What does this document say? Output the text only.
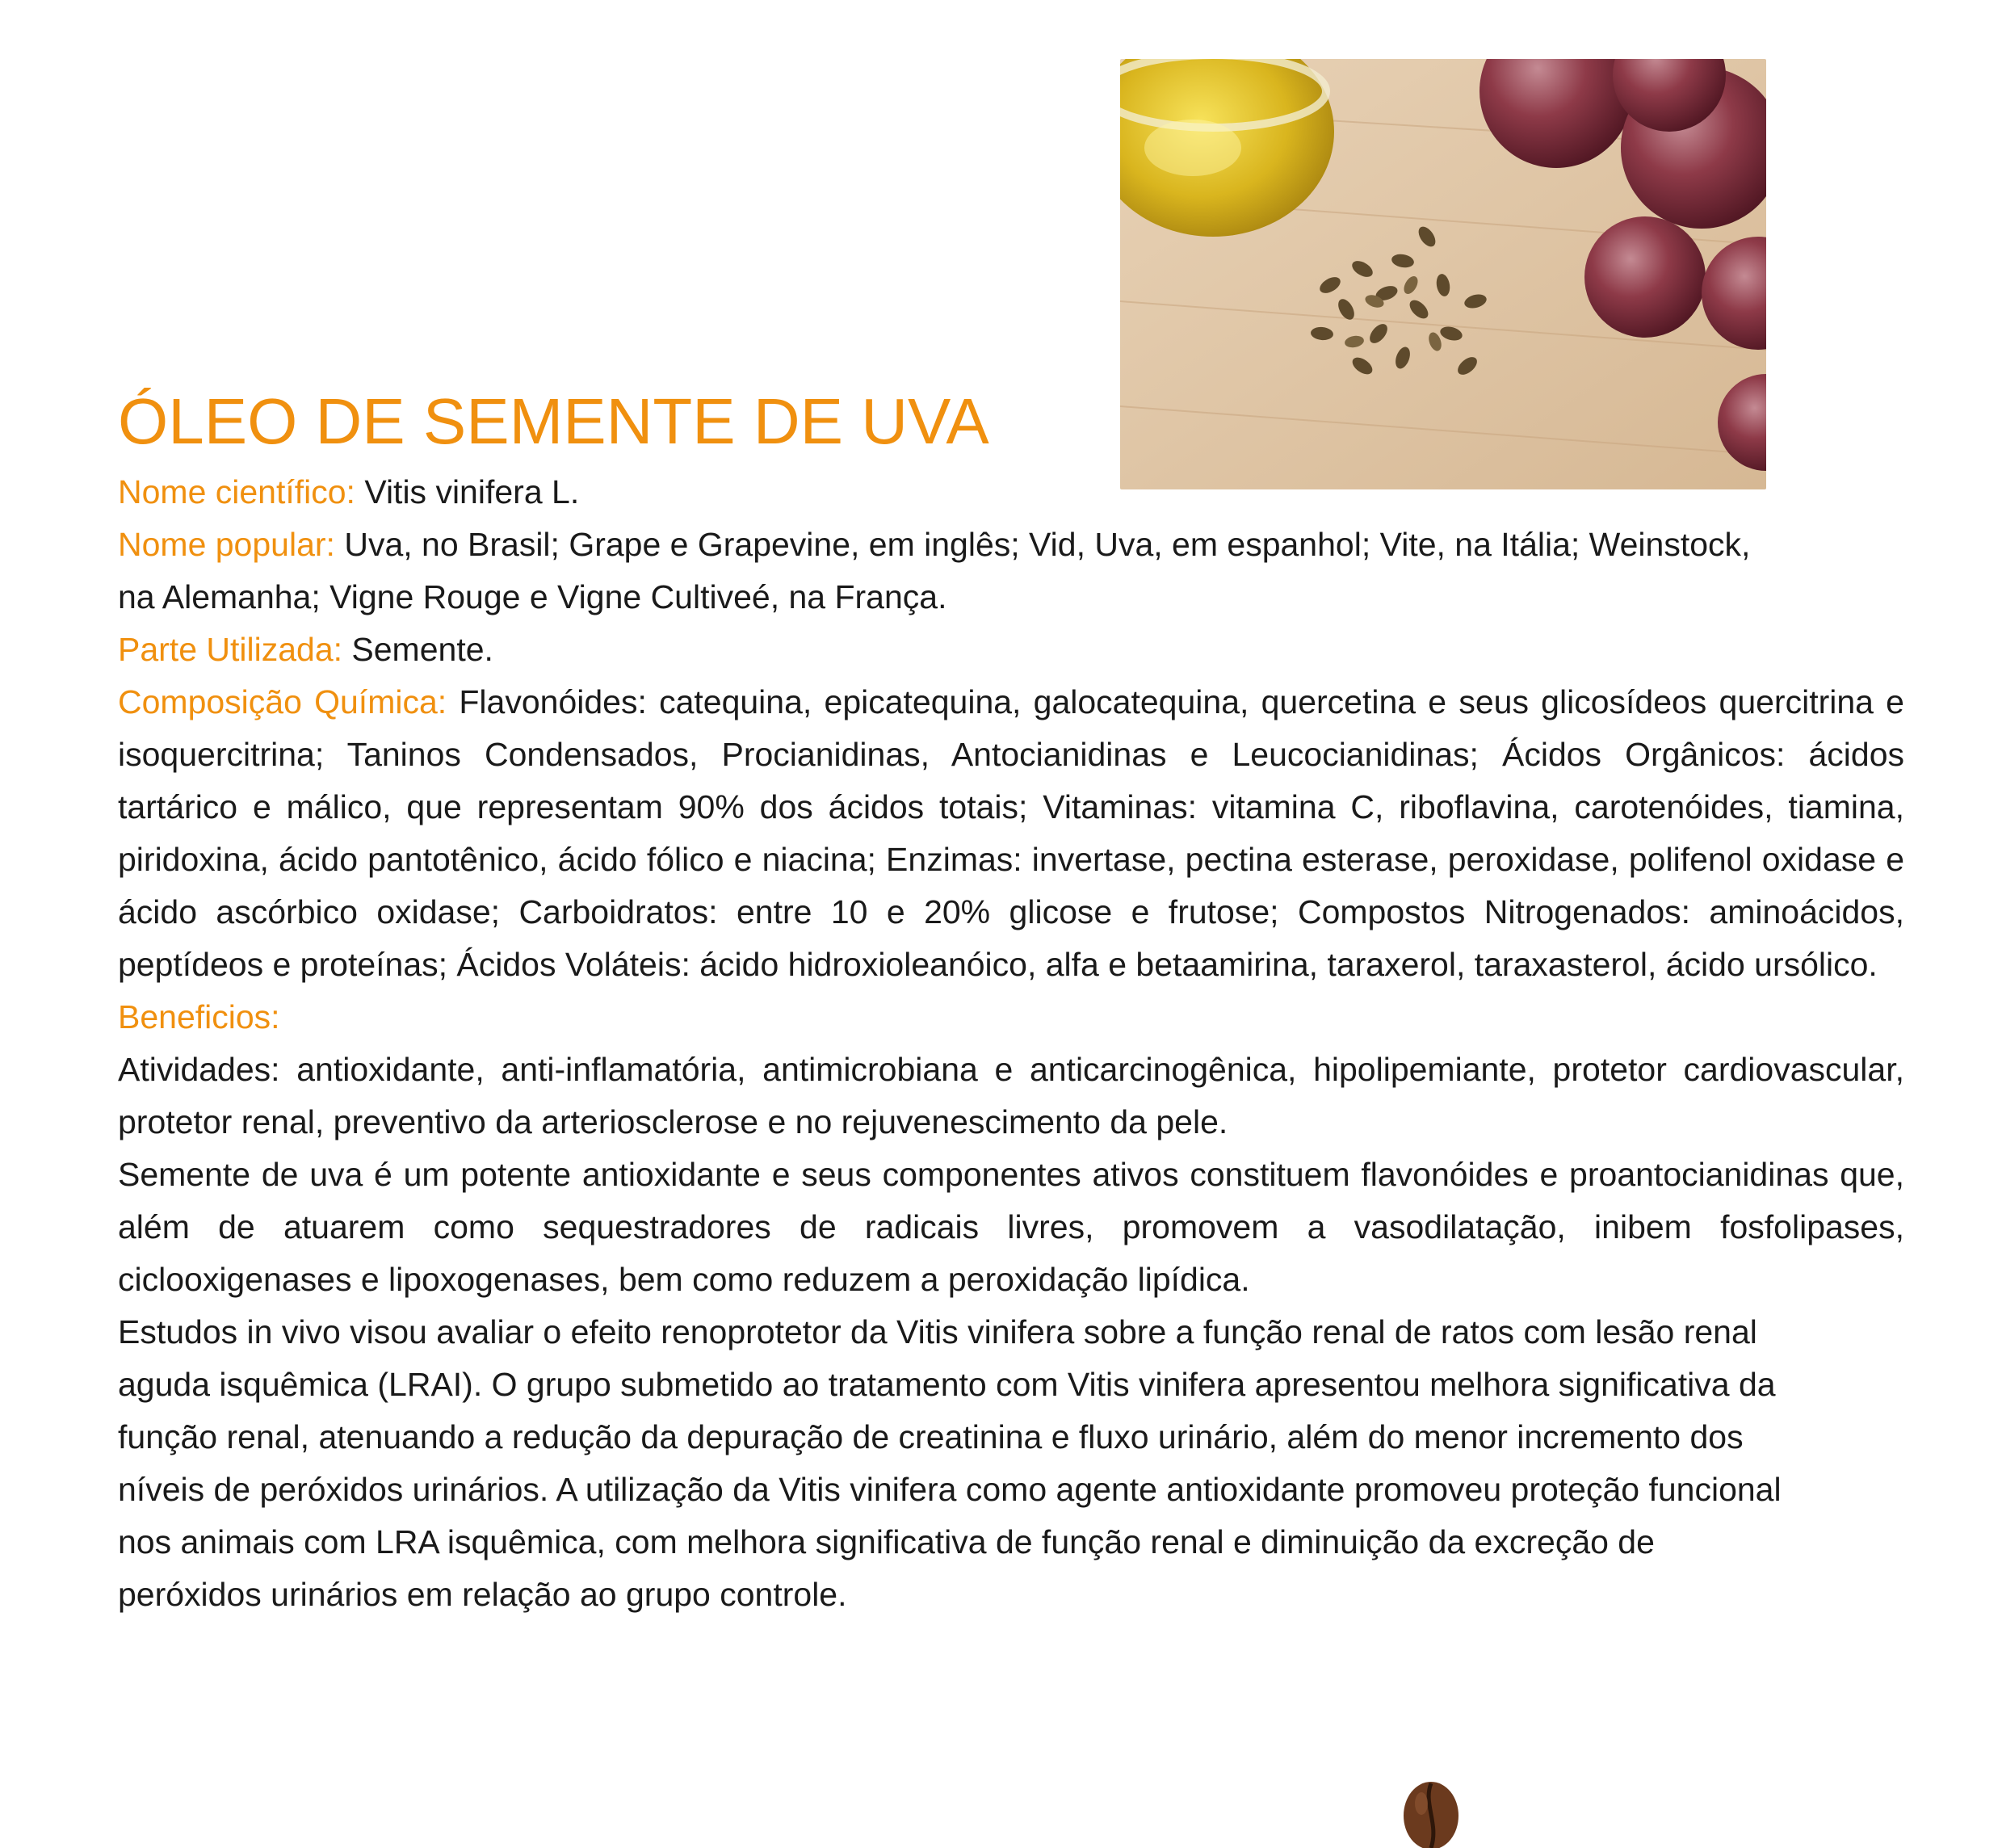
ÓLEO DE SEMENTE DE UVA

Nome científico: Vitis vinifera L.

Nome popular: Uva, no Brasil; Grape e Grapevine, em inglês; Vid, Uva, em espanhol; Vite, na Itália; Weinstock, na Alemanha; Vigne Rouge e Vigne Cultiveé, na França.

Parte Utilizada: Semente.

Composição Química: Flavonóides: catequina, epicatequina, galocatequina, quercetina e seus glicosídeos quercitrina e isoquercitrina; Taninos Condensados, Procianidinas, Antocianidinas e Leucocianidinas; Ácidos Orgânicos: ácidos tartárico e málico, que representam 90% dos ácidos totais; Vitaminas: vitamina C, riboflavina, carotenóides, tiamina, piridoxina, ácido pantotênico, ácido fólico e niacina; Enzimas: invertase, pectina esterase, peroxidase, polifenol oxidase e ácido ascórbico oxidase; Carboidratos: entre 10 e 20% glicose e frutose; Compostos Nitrogenados: aminoácidos, peptídeos e proteínas; Ácidos Voláteis: ácido hidroxioleanóico, alfa e betaamirina, taraxerol, taraxasterol, ácido ursólico.

Beneficios:

Atividades: antioxidante, anti-inflamatória, antimicrobiana e anticarcinogênica, hipolipemiante, protetor cardiovascular, protetor renal, preventivo da arteriosclerose e no rejuvenescimento da pele.

Semente de uva é um potente antioxidante e seus componentes ativos constituem flavonóides e proantocianidinas que, além de atuarem como sequestradores de radicais livres, promovem a vasodilatação, inibem fosfolipases, ciclooxigenases e lipoxogenases, bem como reduzem a peroxidação lipídica.

Estudos in vivo visou avaliar o efeito renoprotetor da Vitis vinifera sobre a função renal de ratos com lesão renal aguda isquêmica (LRAI). O grupo submetido ao tratamento com Vitis vinifera apresentou melhora significativa da função renal, atenuando a redução da depuração de creatinina e fluxo urinário, além do menor incremento dos níveis de peróxidos urinários. A utilização da Vitis vinifera como agente antioxidante promoveu proteção funcional nos animais com LRA isquêmica, com melhora significativa de função renal e diminuição da excreção de peróxidos urinários em relação ao grupo controle.
